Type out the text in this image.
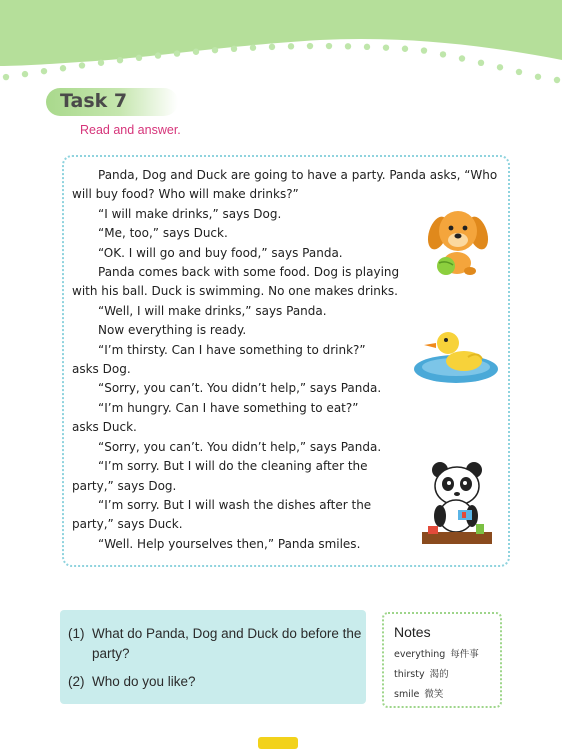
Task 7
Read and answer.

Panda, Dog and Duck are going to have a party. Panda asks, “Who

will buy food? Who will make drinks?”

“I will make drinks,” says Dog.

“Me, too,” says Duck.

“OK. I will go and buy food,” says Panda.

Panda comes back with some food. Dog is playing

with his ball. Duck is swimming. No one makes drinks.

“Well, I will make drinks,” says Panda.

Now everything is ready.

“I’m thirsty. Can I have something to drink?”

asks Dog.

“Sorry, you can’t. You didn’t help,” says Panda.

“I’m hungry. Can I have something to eat?”

asks Duck.

“Sorry, you can’t. You didn’t help,” says Panda.

“I’m sorry. But I will do the cleaning after the

party,” says Dog.

“I’m sorry. But I will wash the dishes after the

party,” says Duck.

“Well. Help yourselves then,” Panda smiles.

(1) What do Panda, Dog and Duck do before the party?
(2) Who do you like?
Notes
everything 每件事
thirsty 渴的
smile 微笑
